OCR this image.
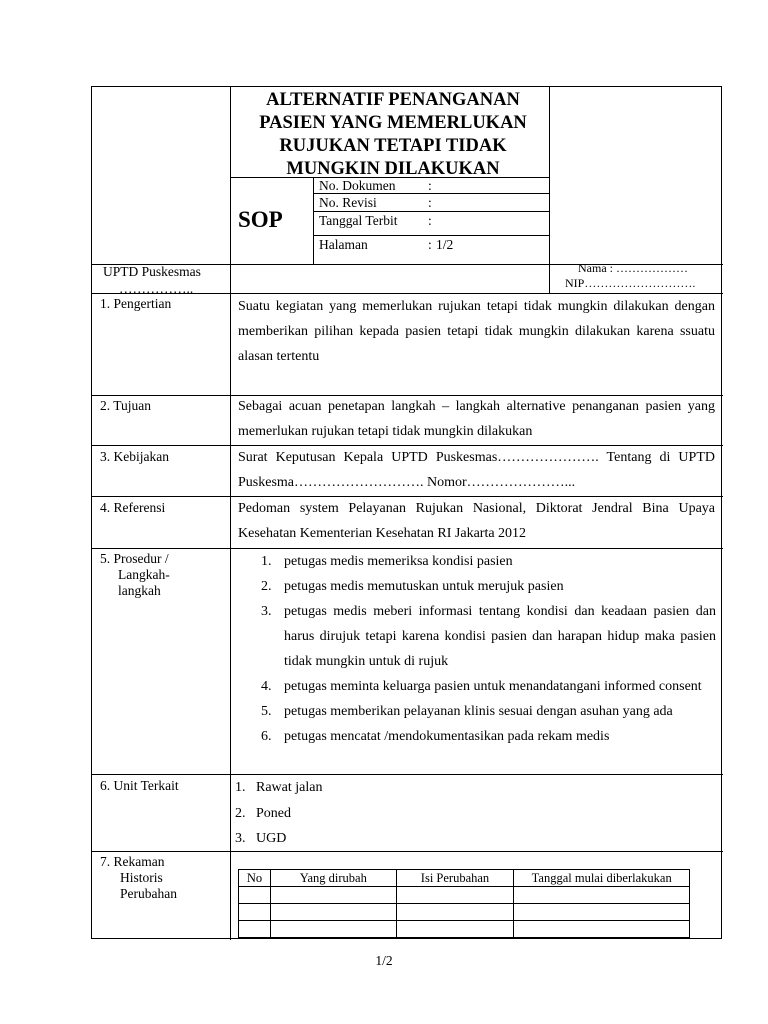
ALTERNATIF PENANGANAN
PASIEN YANG MEMERLUKAN
RUJUKAN TETAPI TIDAK
MUNGKIN DILAKUKAN
SOP
No. Dokumen :
No. Revisi	:
Tanggal Terbit :
Halaman	: 1/2
UPTD Puskesmas
……………..
Nama : ………………
NIP……………………….
1. Pengertian	Suatu kegiatan yang memerlukan rujukan tetapi tidak mungkin dilakukan dengan memberikan pilihan kepada pasien tetapi tidak mungkin dilakukan karena ssuatu alasan tertentu
2. Tujuan	Sebagai acuan penetapan langkah – langkah alternative penanganan pasien yang memerlukan rujukan tetapi tidak mungkin dilakukan
3. Kebijakan	Surat Keputusan Kepala UPTD Puskesmas…………………. Tentang di UPTD Puskesma………………………. Nomor…………………...
4. Referensi	Pedoman system Pelayanan Rujukan Nasional, Diktorat Jendral Bina Upaya Kesehatan Kementerian Kesehatan RI Jakarta 2012
5. Prosedur /
Langkah-
langkah
1. petugas medis memeriksa kondisi pasien
2. petugas medis memutuskan untuk merujuk pasien
3. petugas medis meberi informasi tentang kondisi dan keadaan pasien dan harus dirujuk tetapi karena kondisi pasien dan harapan hidup maka pasien tidak mungkin untuk di rujuk
4. petugas meminta keluarga pasien untuk menandatangani informed consent
5. petugas memberikan pelayanan klinis sesuai dengan asuhan yang ada
6. petugas mencatat /mendokumentasikan pada rekam medis
6. Unit Terkait	1. Rawat jalan
2. Poned
3. UGD
7. Rekaman
Historis
Perubahan
No	Yang dirubah	Isi Perubahan	Tanggal mulai diberlakukan

1/2
